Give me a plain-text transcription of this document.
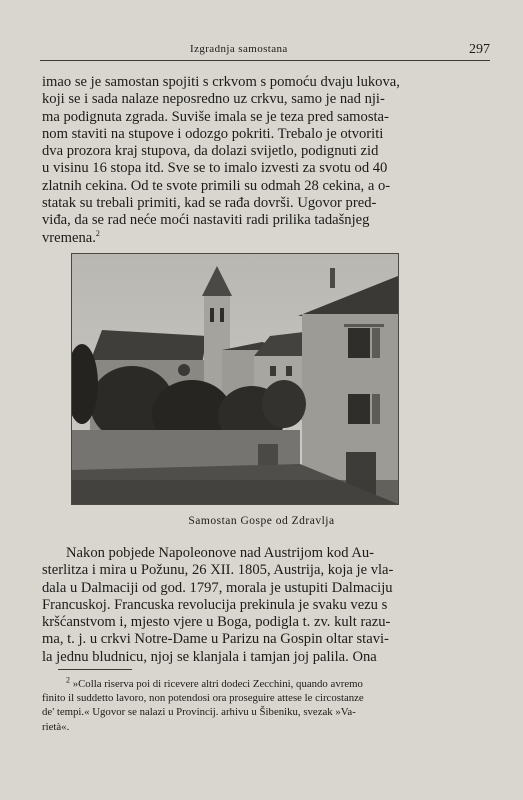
Izgradnja samostana	297
imao se je samostan spojiti s crkvom s pomoću dvaju lukova,
koji se i sada nalaze neposredno uz crkvu, samo je nad nji-
ma podignuta zgrada. Suviše imala se je teza pred samosta-
nom staviti na stupove i odozgo pokriti. Trebalo je otvoriti
dva prozora kraj stupova, da dolazi svijetlo, podignuti zid
u visinu 16 stopa itd. Sve se to imalo izvesti za svotu od 40
zlatnih cekina. Od te svote primili su odmah 28 cekina, a o-
statak su trebali primiti, kad se rađa dovrši. Ugovor pred-
viđa, da se rad neće moći nastaviti radi prilika tadašnjeg
vremena.$^2$
Samostan Gospe od Zdravlja
Nakon pobjede Napoleonove nad Austrijom kod Au-
sterlitza i mira u Požunu, 26 XII. 1805, Austrija, koja je vla-
dala u Dalmaciji od god. 1797, morala je ustupiti Dalmaciju
Francuskoj. Francuska revolucija prekinula je svaku vezu s
kršćanstvom i, mjesto vjere u Boga, podigla t. zv. kult razu-
ma, t. j. u crkvi Notre-Dame u Parizu na Gospin oltar stavi-
la jednu bludnicu, njoj se klanjala i tamjan joj palila. Ona
$^2$ »Colla riserva poi di ricevere altri dodeci Zecchini, quando avremo
finito il suddetto lavoro, non potendosi ora proseguire attese le circostanze
de' tempi.« Ugovor se nalazi u Provincij. arhivu u Šibeniku, svezak »Va-
rietà«.
